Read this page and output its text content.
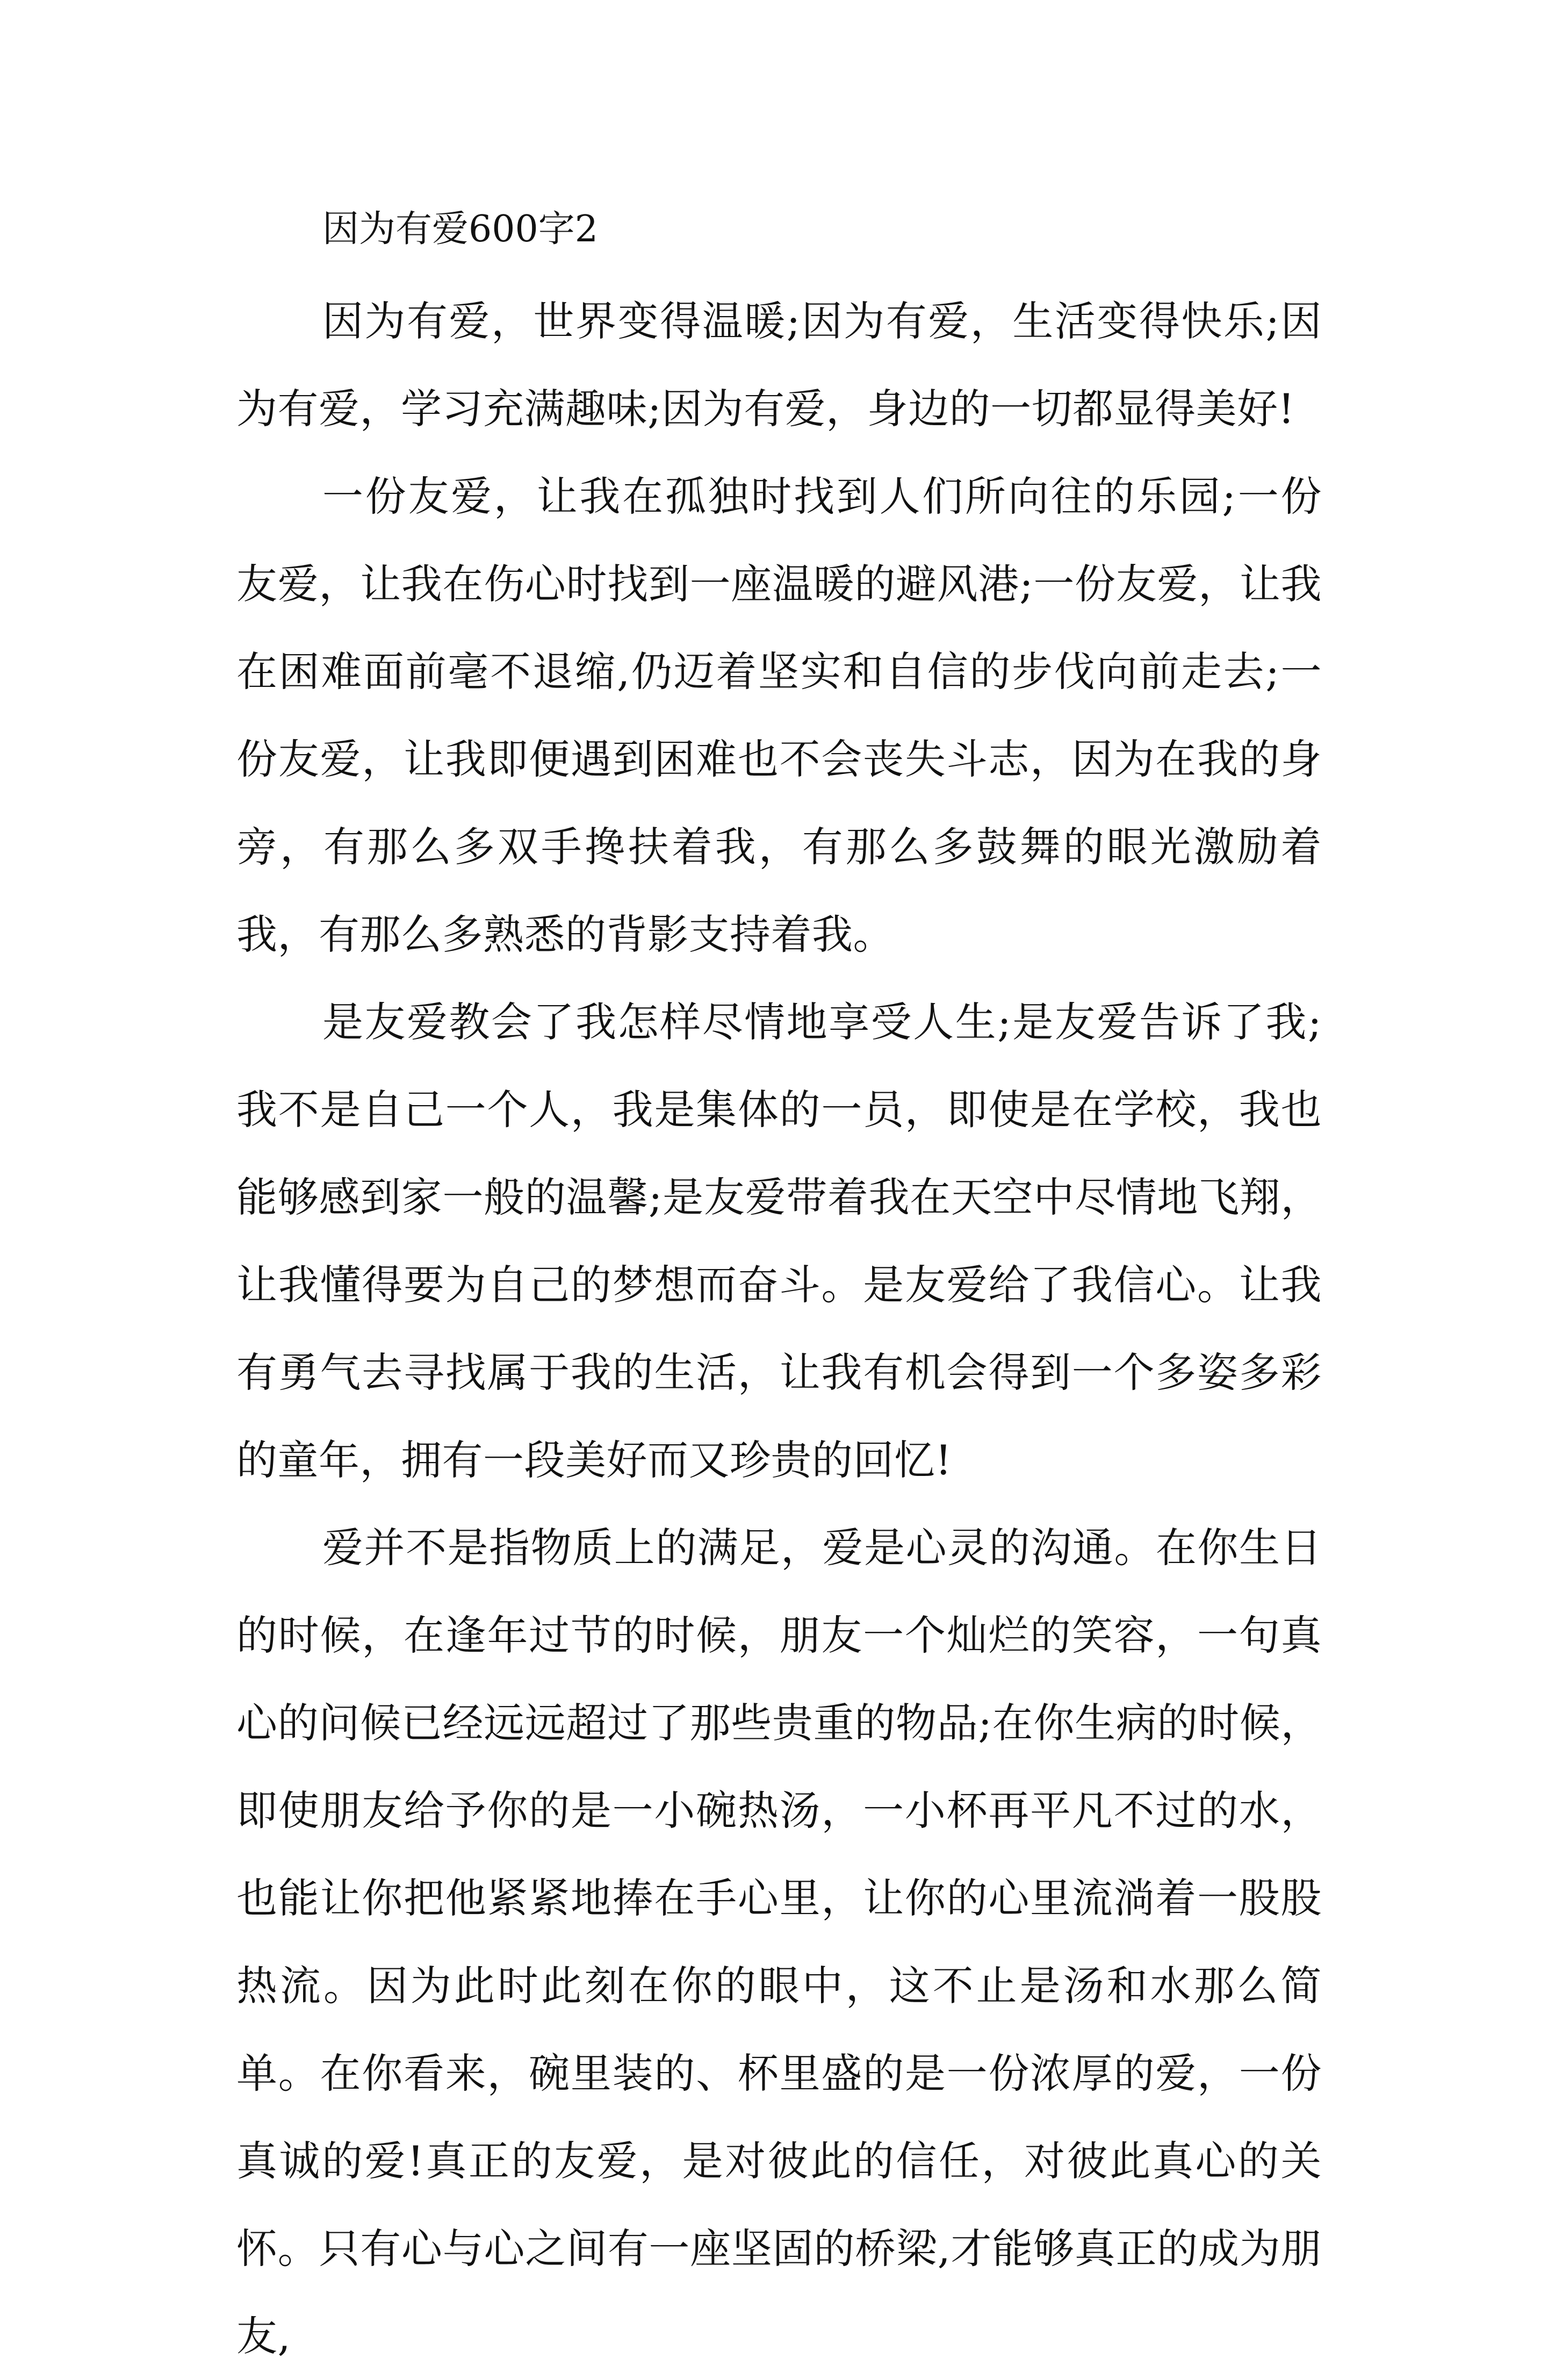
因为有爱600字2

因为有爱，世界变得温暖;因为有爱，生活变得快乐;因为有爱，学习充满趣味;因为有爱，身边的一切都显得美好!

一份友爱，让我在孤独时找到人们所向往的乐园;一份友爱，让我在伤心时找到一座温暖的避风港;一份友爱，让我在困难面前毫不退缩,仍迈着坚实和自信的步伐向前走去;一份友爱，让我即便遇到困难也不会丧失斗志，因为在我的身旁，有那么多双手搀扶着我，有那么多鼓舞的眼光激励着我，有那么多熟悉的背影支持着我。

是友爱教会了我怎样尽情地享受人生;是友爱告诉了我;我不是自己一个人，我是集体的一员，即使是在学校，我也能够感到家一般的温馨;是友爱带着我在天空中尽情地飞翔，让我懂得要为自己的梦想而奋斗。是友爱给了我信心。让我有勇气去寻找属于我的生活，让我有机会得到一个多姿多彩的童年，拥有一段美好而又珍贵的回忆!

爱并不是指物质上的满足，爱是心灵的沟通。在你生日的时候，在逢年过节的时候，朋友一个灿烂的笑容，一句真心的问候已经远远超过了那些贵重的物品;在你生病的时候，即使朋友给予你的是一小碗热汤，一小杯再平凡不过的水，也能让你把他紧紧地捧在手心里，让你的心里流淌着一股股热流。因为此时此刻在你的眼中，这不止是汤和水那么简单。在你看来，碗里装的、杯里盛的是一份浓厚的爱，一份真诚的爱!真正的友爱，是对彼此的信任，对彼此真心的关怀。只有心与心之间有一座坚固的桥梁,才能够真正的成为朋友,
